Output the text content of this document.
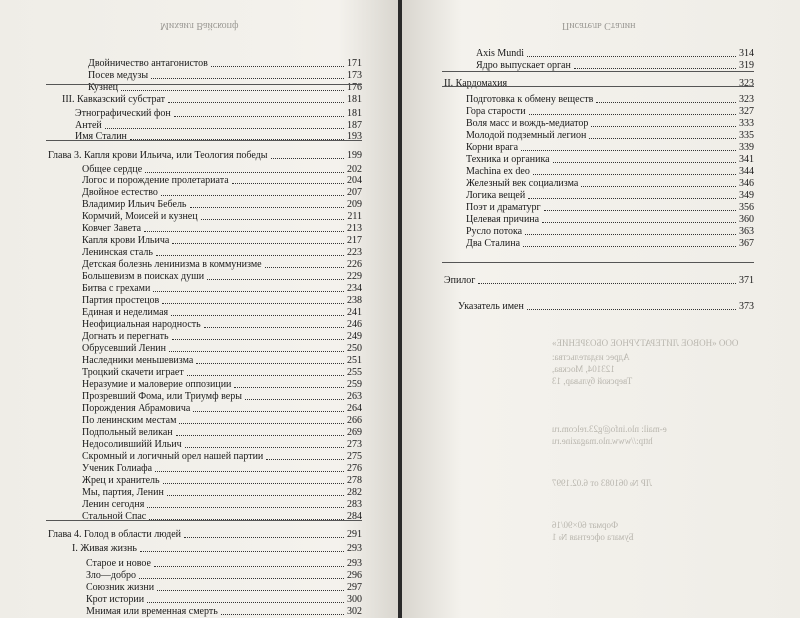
Михаил Вайскопф
Двойничество антагонистов	171
Посев медузы	173
Кузнец	176
III. Кавказский субстрат	181
Этнографический фон	181
Антей	187
Имя Сталин	193
Глава 3. Капля крови Ильича, или Теология победы	199
Общее сердце	202
Логос и порождение пролетариата	204
Двойное естество	207
Владимир Ильич Бебель	209
Кормчий, Моисей и кузнец	211
Ковчег Завета	213
Капля крови Ильича	217
Ленинская сталь	223
Детская болезнь ленинизма в коммунизме	226
Большевизм в поисках души	229
Битва с грехами	234
Партия простецов	238
Единая и неделимая	241
Неофициальная народность	246
Догнать и перегнать	249
Обрусевший Ленин	250
Наследники меньшевизма	251
Троцкий скачети играет	255
Неразумие и маловерие оппозиции	259
Прозревший Фома, или Триумф веры	263
Порождения Абрамовича	264
По ленинским местам	266
Подпольный великан	269
Недосолившийй Ильич	273
Скромный и логичный орел нашей партии	275
Ученик Голиафа	276
Жрец и хранитель	278
Мы, партия, Ленин	282
Ленин сегодня	283
Стальной Спас	284
Глава 4. Голод в области людей	291
I. Живая жизнь	293
Старое и новое	293
Зло—добро	296
Союзник жизни	297
Крот истории	300
Мнимая или временная смерть	302
Писатель Сталин
Axis Mundi	314
Ядро выпускает орган	319
II. Кардомахия	323
Подготовка к обмену веществ	323
Гора старости	327
Воля масс и вождь-медиатор	333
Молодой подземный легион	335
Корни врага	339
Техника и органика	341
Machina ex deo	344
Железный век социализма	346
Логика вещей	349
Поэт и драматург	356
Целевая причина	360
Русло потока	363
Два Сталина	367
Эпилог	371
Указатель имен	373
ООО «НОВОЕ ЛИТЕРАТУРНОЕ ОБОЗРЕНИЕ»
Адрес издательства:
123104, Москва,
Тверской бульвар, 13
e-mail: nlo.info@g23.relcom.ru
http://www.nlo.magazine.ru
ЛР № 061083 от 6.02.1997
Формат 60×90/16
Бумага офсетная № 1
